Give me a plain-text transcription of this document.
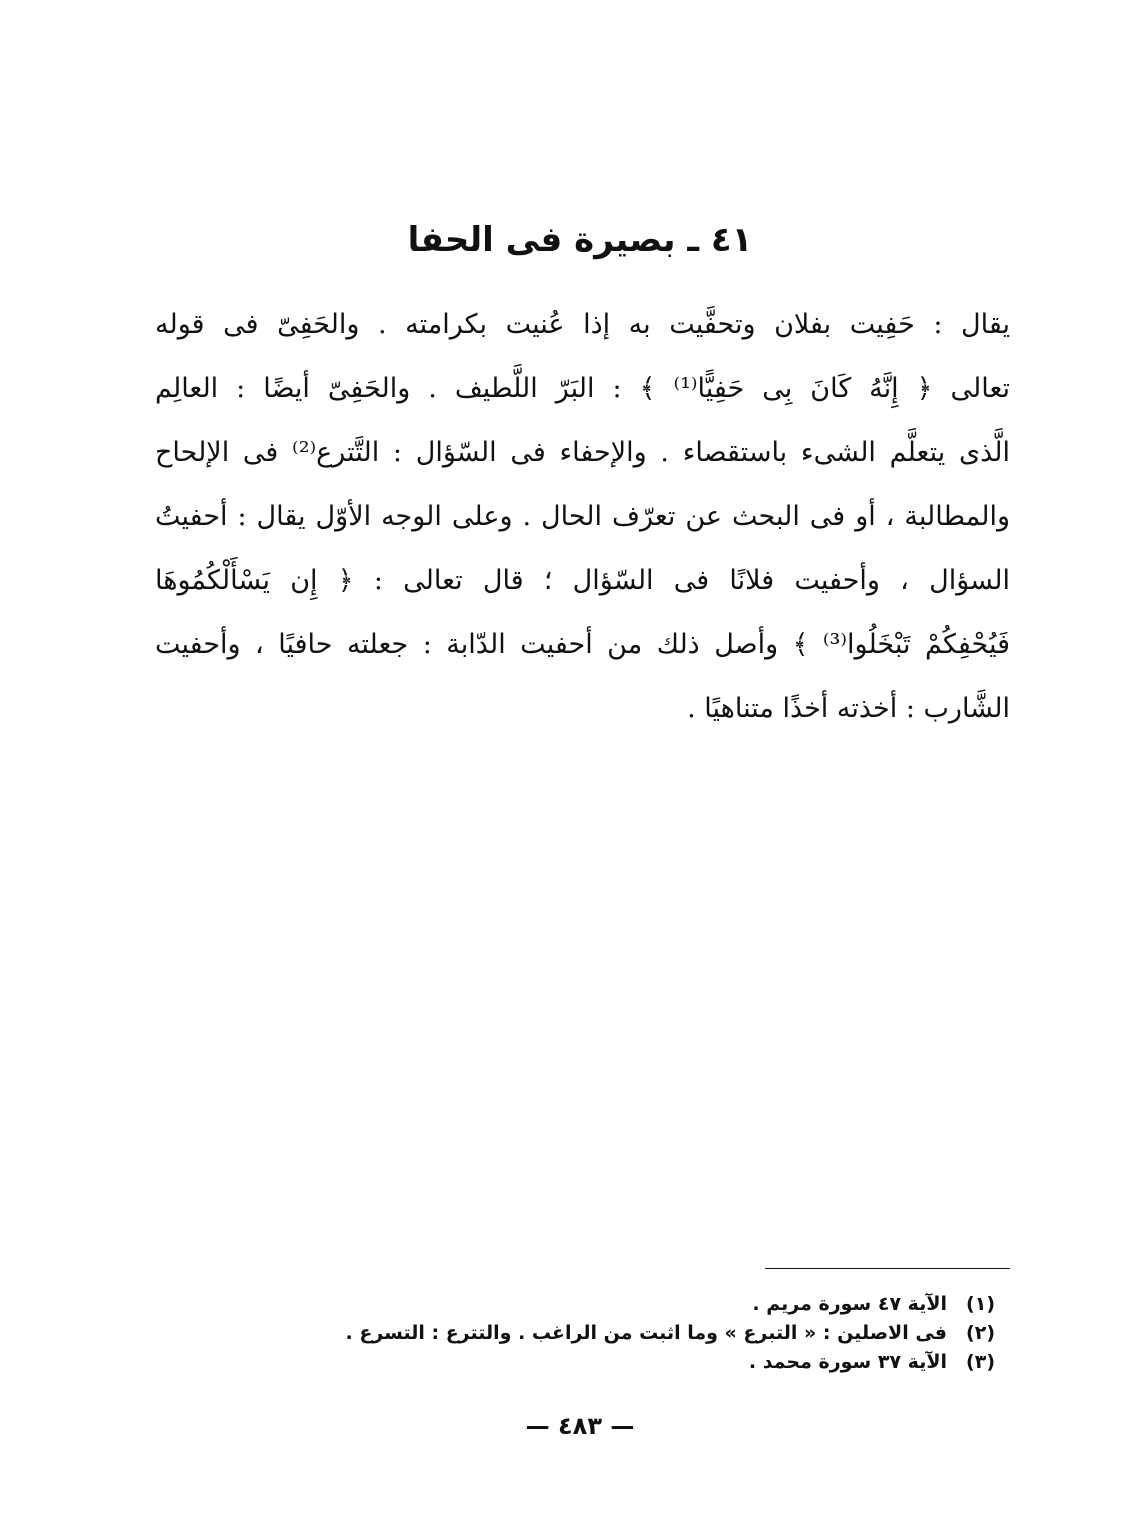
٤١ ـ بصيرة فى الحفا
يقال : حَفِيت بفلان وتحفَّيت به إذا عُنيت بكرامته . والحَفِىّ فى قوله
تعالى ﴿ إِنَّهُ كَانَ بِى حَفِيًّا⁽¹⁾ ﴾ : البَرّ اللَّطيف . والحَفِىّ أيضًا : العالِم
الَّذى يتعلَّم الشىء باستقصاء . والإحفاء فى السّؤال : التَّترع⁽²⁾ فى الإلحاح
والمطالبة ، أو فى البحث عن تعرّف الحال . وعلى الوجه الأوّل يقال : أحفيتُ
السؤال ، وأحفيت فلانًا فى السّؤال ؛ قال تعالى : ﴿ إِن يَسْأَلْكُمُوهَا
فَيُحْفِكُمْ تَبْخَلُوا⁽³⁾ ﴾ وأصل ذلك من أحفيت الدّابة : جعلته حافيًا ، وأحفيت
الشَّارب : أخذته أخذًا متناهيًا .
(١)
الآية ٤٧ سورة مريم .
(٢)
فى الاصلين : « التبرع » وما اثبت من الراغب . والتترع : التسرع .
(٣)
الآية ٣٧ سورة محمد .
— ٤٨٣ —
